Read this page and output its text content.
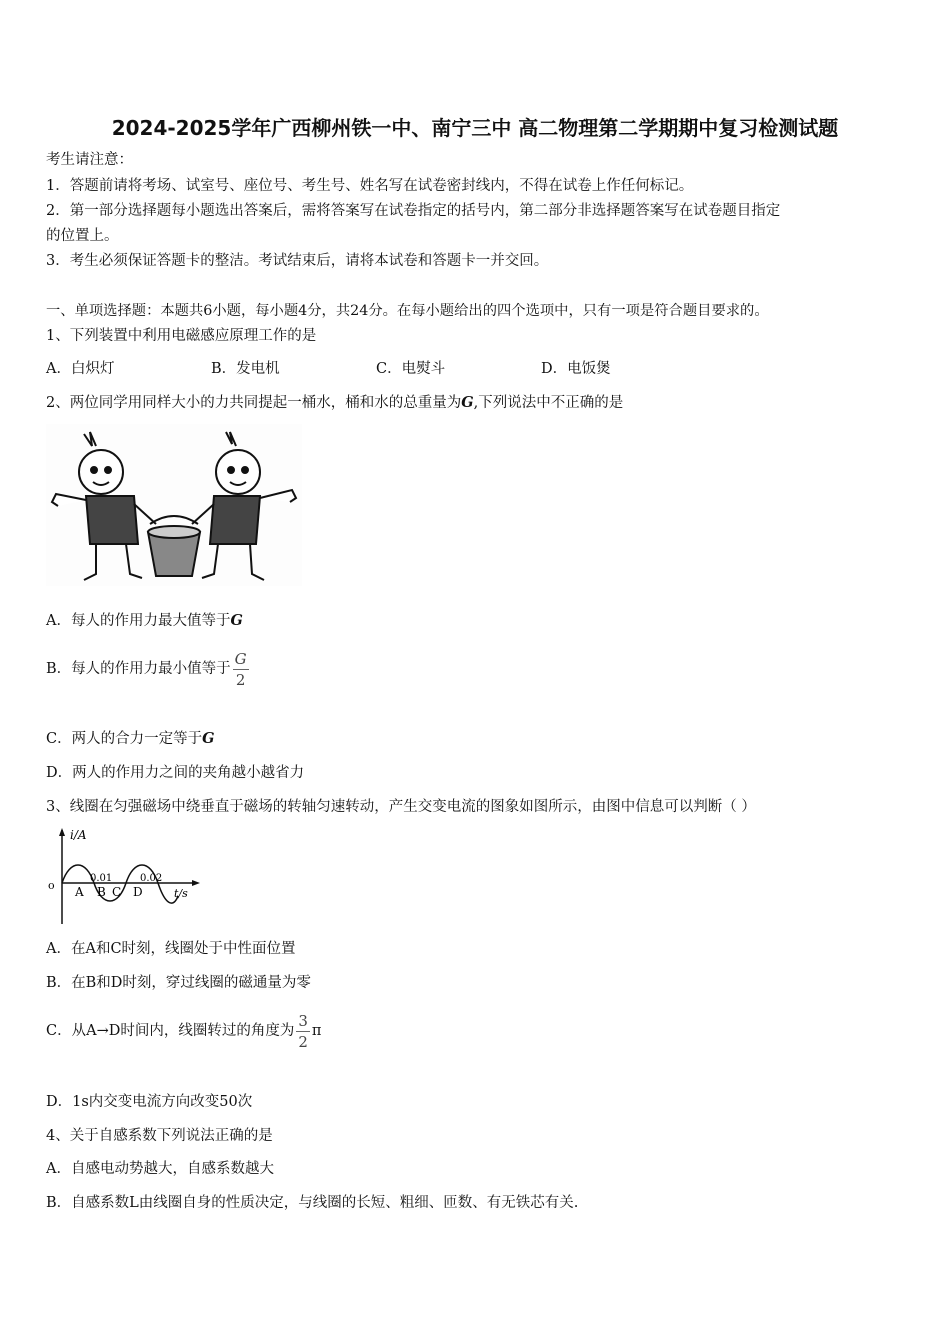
2024-2025学年广西柳州铁一中、南宁三中 高二物理第二学期期中复习检测试题
考生请注意：
1．答题前请将考场、试室号、座位号、考生号、姓名写在试卷密封线内，不得在试卷上作任何标记。
2．第一部分选择题每小题选出答案后，需将答案写在试卷指定的括号内，第二部分非选择题答案写在试卷题目指定
的位置上。
3．考生必须保证答题卡的整洁。考试结束后，请将本试卷和答题卡一并交回。
一、单项选择题：本题共6小题，每小题4分，共24分。在每小题给出的四个选项中，只有一项是符合题目要求的。
1、下列装置中利用电磁感应原理工作的是
A．白炽灯	B．发电机	C．电熨斗	D．电饭煲
2、两位同学用同样大小的力共同提起一桶水，桶和水的总重量为G,下列说法中不正确的是
A．每人的作用力最大值等于G
B．每人的作用力最小值等于 $\frac{G}{2}$
C．两人的合力一定等于G
D．两人的作用力之间的夹角越小越省力
3、线圈在匀强磁场中绕垂直于磁场的转轴匀速转动，产生交变电流的图象如图所示，由图中信息可以判断（ ）
i/A
o
t/s
0.01	0.02
A B C D
A．在A和C时刻，线圈处于中性面位置
B．在B和D时刻，穿过线圈的磁通量为零
C．从A→D时间内，线圈转过的角度为 $\frac{3}{2}$ π
D．1s内交变电流方向改变50次
4、关于自感系数下列说法正确的是
A．自感电动势越大，自感系数越大
B．自感系数L由线圈自身的性质决定，与线圈的长短、粗细、匝数、有无铁芯有关.
